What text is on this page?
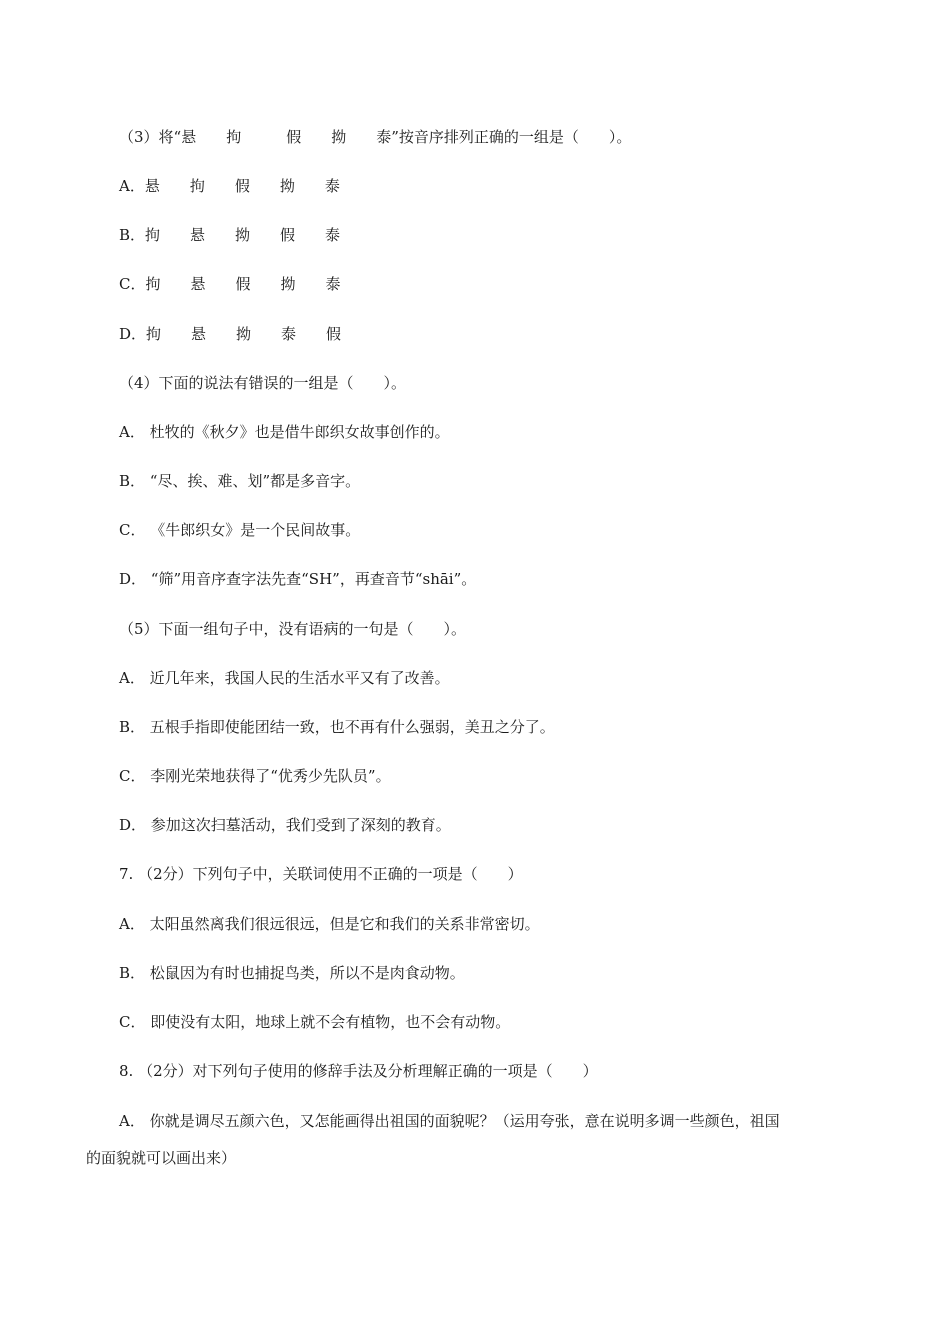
（3）将“悬　　拘　　　假　　拗　　泰”按音序排列正确的一组是（　　）。
A．悬　　拘　　假　　拗　　泰
B．拘　　悬　　拗　　假　　泰
C．拘　　悬　　假　　拗　　泰
D．拘　　悬　　拗　　泰　　假
（4）下面的说法有错误的一组是（　　）。
A． 杜牧的《秋夕》也是借牛郎织女故事创作的。
B． “尽、挨、难、划”都是多音字。
C． 《牛郎织女》是一个民间故事。
D． “筛”用音序查字法先查“SH”，再查音节“shāi”。
（5）下面一组句子中，没有语病的一句是（　　）。
A． 近几年来，我国人民的生活水平又有了改善。
B． 五根手指即使能团结一致，也不再有什么强弱，美丑之分了。
C． 李刚光荣地获得了“优秀少先队员”。
D． 参加这次扫墓活动，我们受到了深刻的教育。
7. （2分）下列句子中，关联词使用不正确的一项是（　　）
A． 太阳虽然离我们很远很远，但是它和我们的关系非常密切。
B． 松鼠因为有时也捕捉鸟类，所以不是肉食动物。
C． 即使没有太阳，地球上就不会有植物，也不会有动物。
8. （2分）对下列句子使用的修辞手法及分析理解正确的一项是（　　）
A． 你就是调尽五颜六色，又怎能画得出祖国的面貌呢？（运用夸张，意在说明多调一些颜色，祖国
的面貌就可以画出来）
